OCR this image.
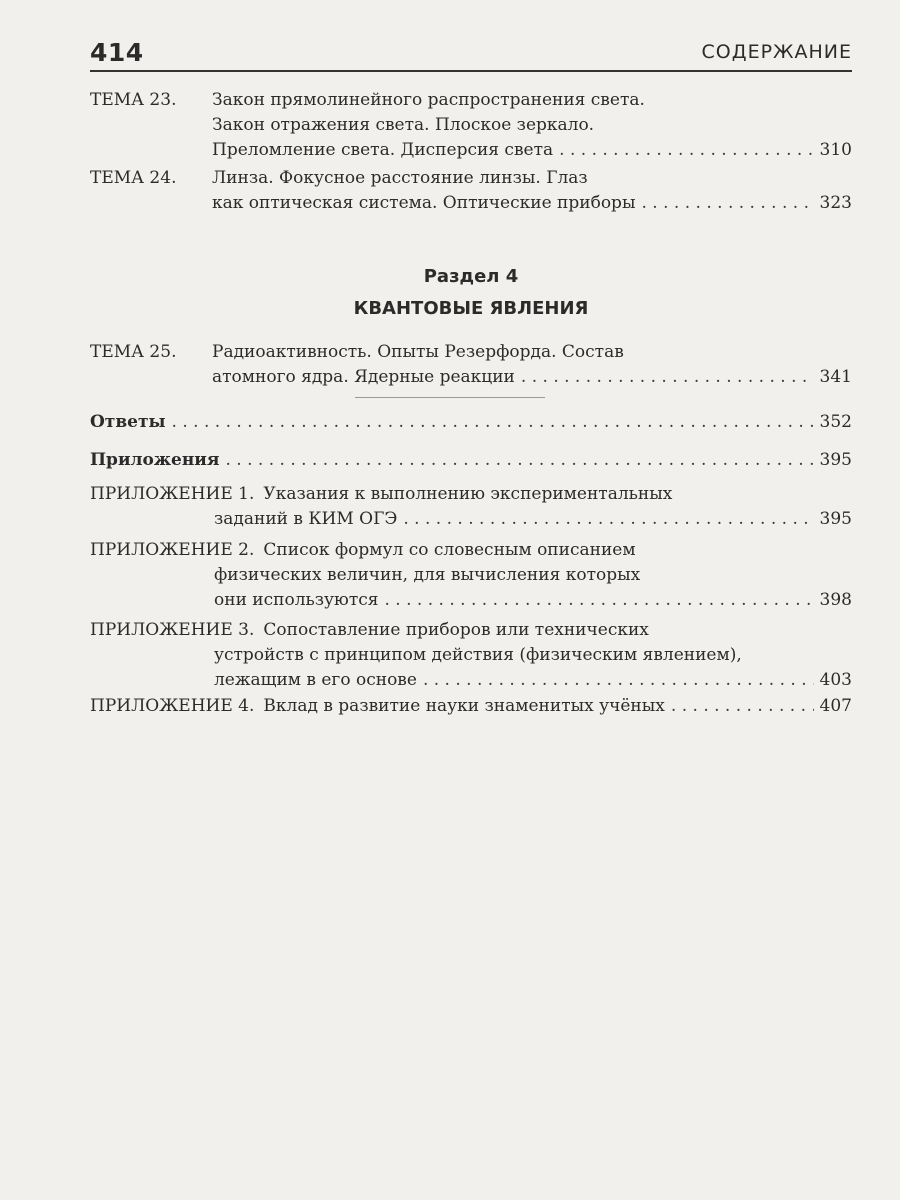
414	СОДЕРЖАНИЕ
ТЕМА 23.	Закон прямолинейного распространения света.
Закон отражения света. Плоское зеркало.
Преломление света. Дисперсия света . . .	310
ТЕМА 24.	Линза. Фокусное расстояние линзы. Глаз
как оптическая система. Оптические приборы . . .	323
Раздел 4
КВАНТОВЫЕ ЯВЛЕНИЯ
ТЕМА 25.	Радиоактивность. Опыты Резерфорда. Состав
атомного ядра. Ядерные реакции . . .	341
Ответы . . .	352
Приложения . . .	395
ПРИЛОЖЕНИЕ 1. Указания к выполнению экспериментальных
заданий в КИМ ОГЭ . . .	395
ПРИЛОЖЕНИЕ 2. Список формул со словесным описанием
физических величин, для вычисления которых
они используются . . .	398
ПРИЛОЖЕНИЕ 3. Сопоставление приборов или технических
устройств с принципом действия (физическим явлением),
лежащим в его основе . . .	403
ПРИЛОЖЕНИЕ 4. Вклад в развитие науки знаменитых учёных . . .	407
